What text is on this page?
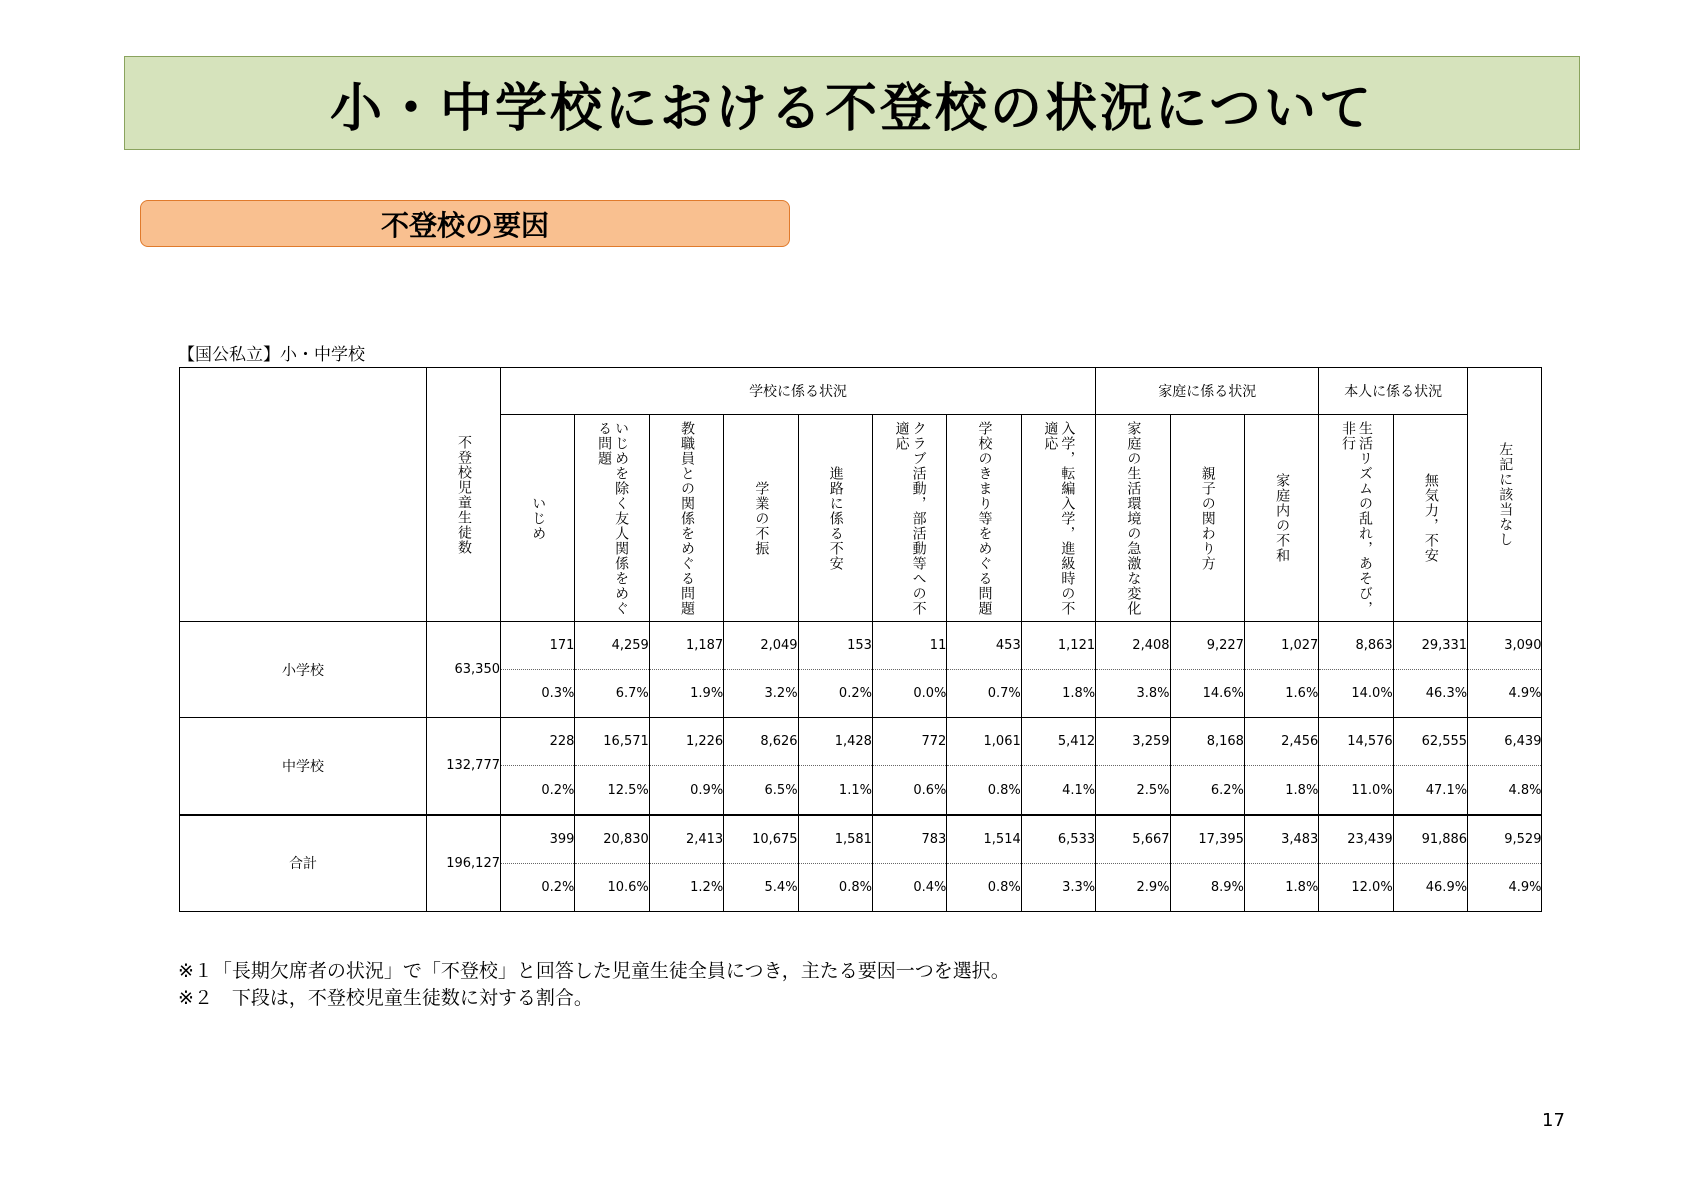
小・中学校における不登校の状況について
不登校の要因
【国公私立】小・中学校

	不登校児童生徒数	学校に係る状況								家庭に係る状況			本人に係る状況		左記に該当なし

		いじめ	いじめを除く友人関係をめぐる問題	教職員との関係をめぐる問題	学業の不振	進路に係る不安	クラブ活動，部活動等への不適応	学校のきまり等をめぐる問題	入学，転編入学，進級時の不適応	家庭の生活環境の急激な変化	親子の関わり方	家庭内の不和	生活リズムの乱れ，あそび，非行	無気力，不安	

小学校	63,350	171	4,259	1,187	2,049	153	11	453	1,121	2,408	9,227	1,027	8,863	29,331	3,090
		0.3%	6.7%	1.9%	3.2%	0.2%	0.0%	0.7%	1.8%	3.8%	14.6%	1.6%	14.0%	46.3%	4.9%
中学校	132,777	228	16,571	1,226	8,626	1,428	772	1,061	5,412	3,259	8,168	2,456	14,576	62,555	6,439
		0.2%	12.5%	0.9%	6.5%	1.1%	0.6%	0.8%	4.1%	2.5%	6.2%	1.8%	11.0%	47.1%	4.8%
合計	196,127	399	20,830	2,413	10,675	1,581	783	1,514	6,533	5,667	17,395	3,483	23,439	91,886	9,529
		0.2%	10.6%	1.2%	5.4%	0.8%	0.4%	0.8%	3.3%	2.9%	8.9%	1.8%	12.0%	46.9%	4.9%
※１「長期欠席者の状況」で「不登校」と回答した児童生徒全員につき，主たる要因一つを選択。
※２　下段は，不登校児童生徒数に対する割合。
17
